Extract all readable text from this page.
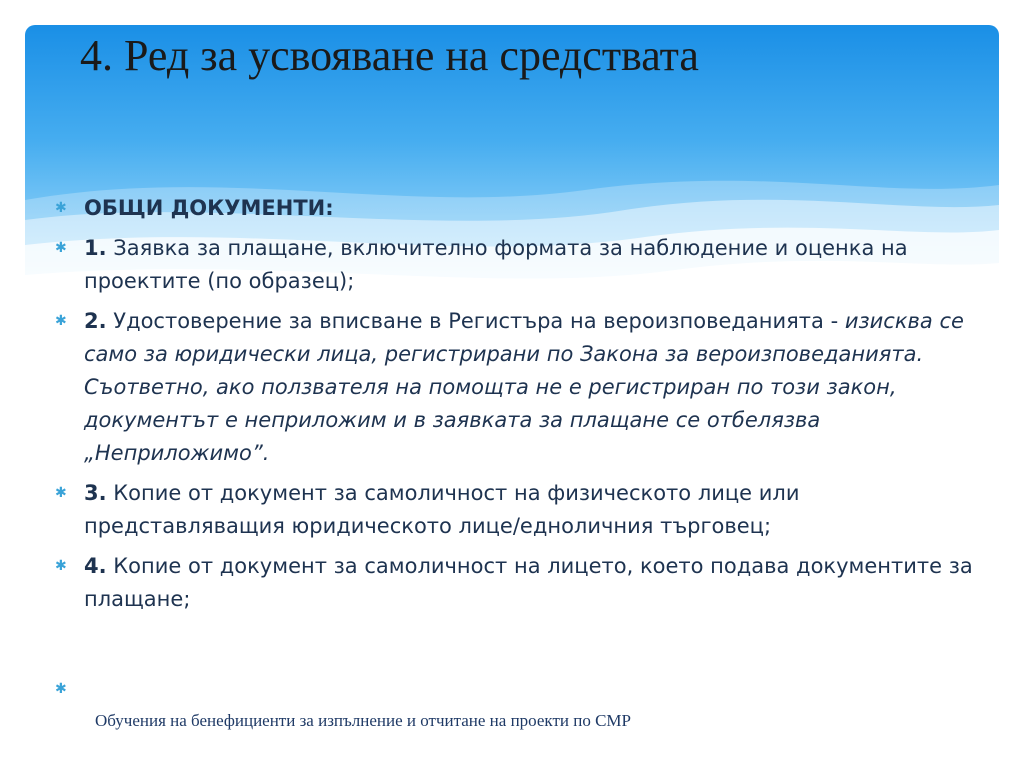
4. Ред за усвояване на средствата
✱ ОБЩИ ДОКУМЕНТИ:
✱ 1. Заявка за плащане, включително формата за наблюдение и оценка на проектите (по образец);
✱ 2. Удостоверение за вписване в Регистъра на вероизповеданията - изисква се само за юридически лица, регистрирани по Закона за вероизповеданията. Съответно, ако ползвателя на помощта не е регистриран по този закон, документът е неприложим и в заявката за плащане се отбелязва „Неприложимо”.
✱ 3. Копие от документ за самоличност на физическото лице или представляващия юридическото лице/едноличния търговец;
✱ 4. Копие от документ за самоличност на лицето, което подава документите за плащане;
✱
Обучения на бенефициенти за изпълнение и отчитане на проекти по СМР
